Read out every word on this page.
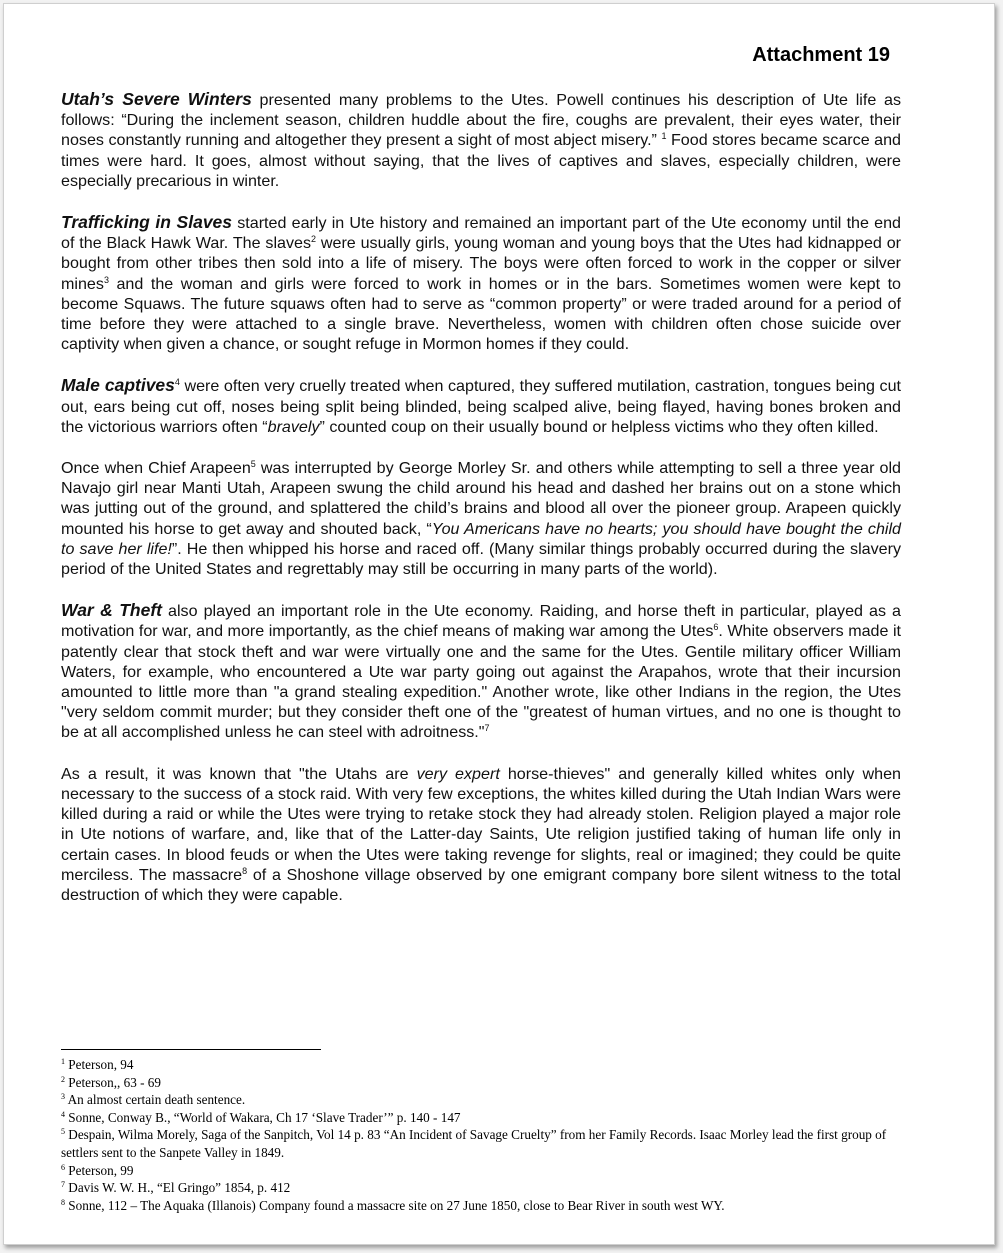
Attachment 19

Utah’s Severe Winters presented many problems to the Utes. Powell continues his description of Ute life as follows: “During the inclement season, children huddle about the fire, coughs are prevalent, their eyes water, their noses constantly running and altogether they present a sight of most abject misery.” $^1$ Food stores became scarce and times were hard. It goes, almost without saying, that the lives of captives and slaves, especially children, were especially precarious in winter.

Trafficking in Slaves started early in Ute history and remained an important part of the Ute economy until the end of the Black Hawk War. The slaves$^2$ were usually girls, young woman and young boys that the Utes had kidnapped or bought from other tribes then sold into a life of misery. The boys were often forced to work in the copper or silver mines$^3$ and the woman and girls were forced to work in homes or in the bars. Sometimes women were kept to become Squaws. The future squaws often had to serve as “common property” or were traded around for a period of time before they were attached to a single brave. Nevertheless, women with children often chose suicide over captivity when given a chance, or sought refuge in Mormon homes if they could.

Male captives$^4$ were often very cruelly treated when captured, they suffered mutilation, castration, tongues being cut out, ears being cut off, noses being split being blinded, being scalped alive, being flayed, having bones broken and the victorious warriors often “bravely” counted coup on their usually bound or helpless victims who they often killed.

Once when Chief Arapeen$^5$ was interrupted by George Morley Sr. and others while attempting to sell a three year old Navajo girl near Manti Utah, Arapeen swung the child around his head and dashed her brains out on a stone which was jutting out of the ground, and splattered the child’s brains and blood all over the pioneer group. Arapeen quickly mounted his horse to get away and shouted back, “You Americans have no hearts; you should have bought the child to save her life!”. He then whipped his horse and raced off. (Many similar things probably occurred during the slavery period of the United States and regrettably may still be occurring in many parts of the world).

War & Theft also played an important role in the Ute economy. Raiding, and horse theft in particular, played as a motivation for war, and more importantly, as the chief means of making war among the Utes$^6$. White observers made it patently clear that stock theft and war were virtually one and the same for the Utes. Gentile military officer William Waters, for example, who encountered a Ute war party going out against the Arapahos, wrote that their incursion amounted to little more than "a grand stealing expedition." Another wrote, like other Indians in the region, the Utes "very seldom commit murder; but they consider theft one of the "greatest of human virtues, and no one is thought to be at all accomplished unless he can steel with adroitness."$^7$

As a result, it was known that "the Utahs are very expert horse-thieves" and generally killed whites only when necessary to the success of a stock raid. With very few exceptions, the whites killed during the Utah Indian Wars were killed during a raid or while the Utes were trying to retake stock they had already stolen. Religion played a major role in Ute notions of warfare, and, like that of the Latter-day Saints, Ute religion justified taking of human life only in certain cases. In blood feuds or when the Utes were taking revenge for slights, real or imagined; they could be quite merciless. The massacre$^8$ of a Shoshone village observed by one emigrant company bore silent witness to the total destruction of which they were capable.

$^1$ Peterson, 94
$^2$ Peterson,, 63 - 69
$^3$ An almost certain death sentence.
$^4$ Sonne, Conway B., “World of Wakara, Ch 17 ‘Slave Trader’” p. 140 - 147
$^5$ Despain, Wilma Morely, Saga of the Sanpitch, Vol 14 p. 83 “An Incident of Savage Cruelty” from her Family Records. Isaac Morley lead the first group of settlers sent to the Sanpete Valley in 1849.
$^6$ Peterson, 99
$^7$ Davis W. W. H., “El Gringo” 1854, p. 412
$^8$ Sonne, 112 – The Aquaka (Illanois) Company found a massacre site on 27 June 1850, close to Bear River in south west WY.
